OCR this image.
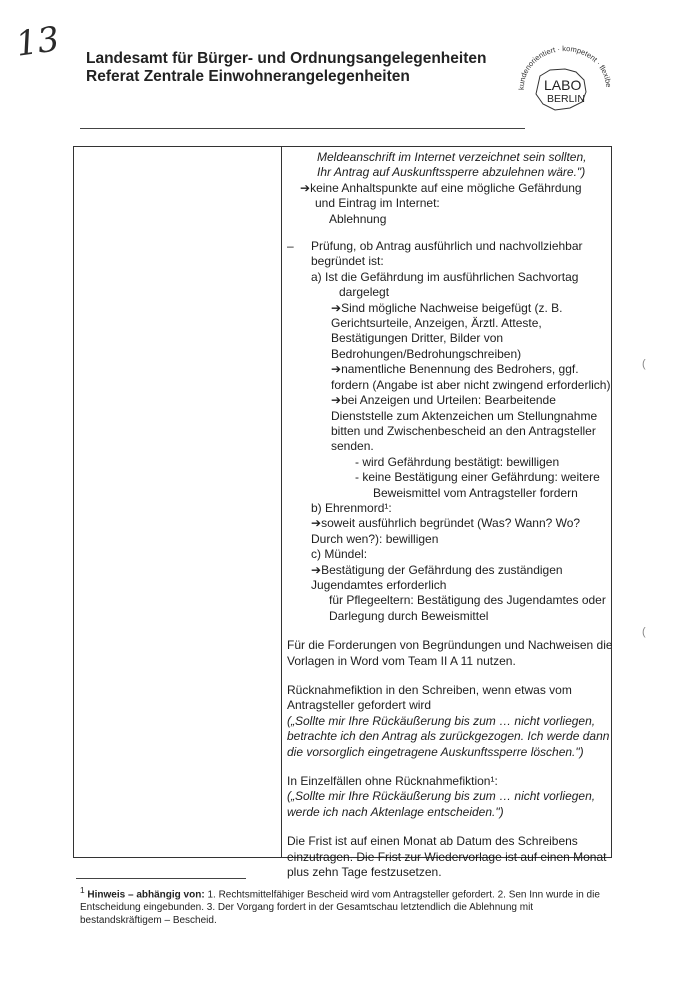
13 Landesamt für Bürger- und Ordnungsangelegenheiten
Referat Zentrale Einwohnerangelegenheiten
kundenorientiert · kompetent · flexibe
LABO
BERLIN
Meldeanschrift im Internet verzeichnet sein sollten,
Ihr Antrag auf Auskunftssperre abzulehnen wäre.")
➔keine Anhaltspunkte auf eine mögliche Gefährdung
und Eintrag im Internet:
Ablehnung
– Prüfung, ob Antrag ausführlich und nachvollziehbar
begründet ist:
a) Ist die Gefährdung im ausführlichen Sachvortag
dargelegt
➔Sind mögliche Nachweise beigefügt (z. B.
Gerichtsurteile, Anzeigen, Ärztl. Atteste,
Bestätigungen Dritter, Bilder von
Bedrohungen/Bedrohungschreiben)
➔namentliche Benennung des Bedrohers, ggf.
fordern (Angabe ist aber nicht zwingend erforderlich)
➔bei Anzeigen und Urteilen: Bearbeitende
Dienststelle zum Aktenzeichen um Stellungnahme
bitten und Zwischenbescheid an den Antragsteller
senden.
- wird Gefährdung bestätigt: bewilligen
- keine Bestätigung einer Gefährdung: weitere
Beweismittel vom Antragsteller fordern
b) Ehrenmord¹:
➔soweit ausführlich begründet (Was? Wann? Wo?
Durch wen?): bewilligen
c) Mündel:
➔Bestätigung der Gefährdung des zuständigen
Jugendamtes erforderlich
für Pflegeeltern: Bestätigung des Jugendamtes oder
Darlegung durch Beweismittel
Für die Forderungen von Begründungen und Nachweisen die
Vorlagen in Word vom Team II A 11 nutzen.
Rücknahmefiktion in den Schreiben, wenn etwas vom
Antragsteller gefordert wird
(„Sollte mir Ihre Rückäußerung bis zum … nicht vorliegen,
betrachte ich den Antrag als zurückgezogen. Ich werde dann
die vorsorglich eingetragene Auskunftssperre löschen.")
In Einzelfällen ohne Rücknahmefiktion¹:
(„Sollte mir Ihre Rückäußerung bis zum … nicht vorliegen,
werde ich nach Aktenlage entscheiden.")
Die Frist ist auf einen Monat ab Datum des Schreibens
einzutragen. Die Frist zur Wiedervorlage ist auf einen Monat
plus zehn Tage festzusetzen.
(
(
$^1$ Hinweis – abhängig von: 1. Rechtsmittelfähiger Bescheid wird vom Antragsteller gefordert. 2. Sen Inn wurde in die Entscheidung eingebunden. 3. Der Vorgang fordert in der Gesamtschau letztendlich die Ablehnung mit bestandskräftigem – Bescheid.
